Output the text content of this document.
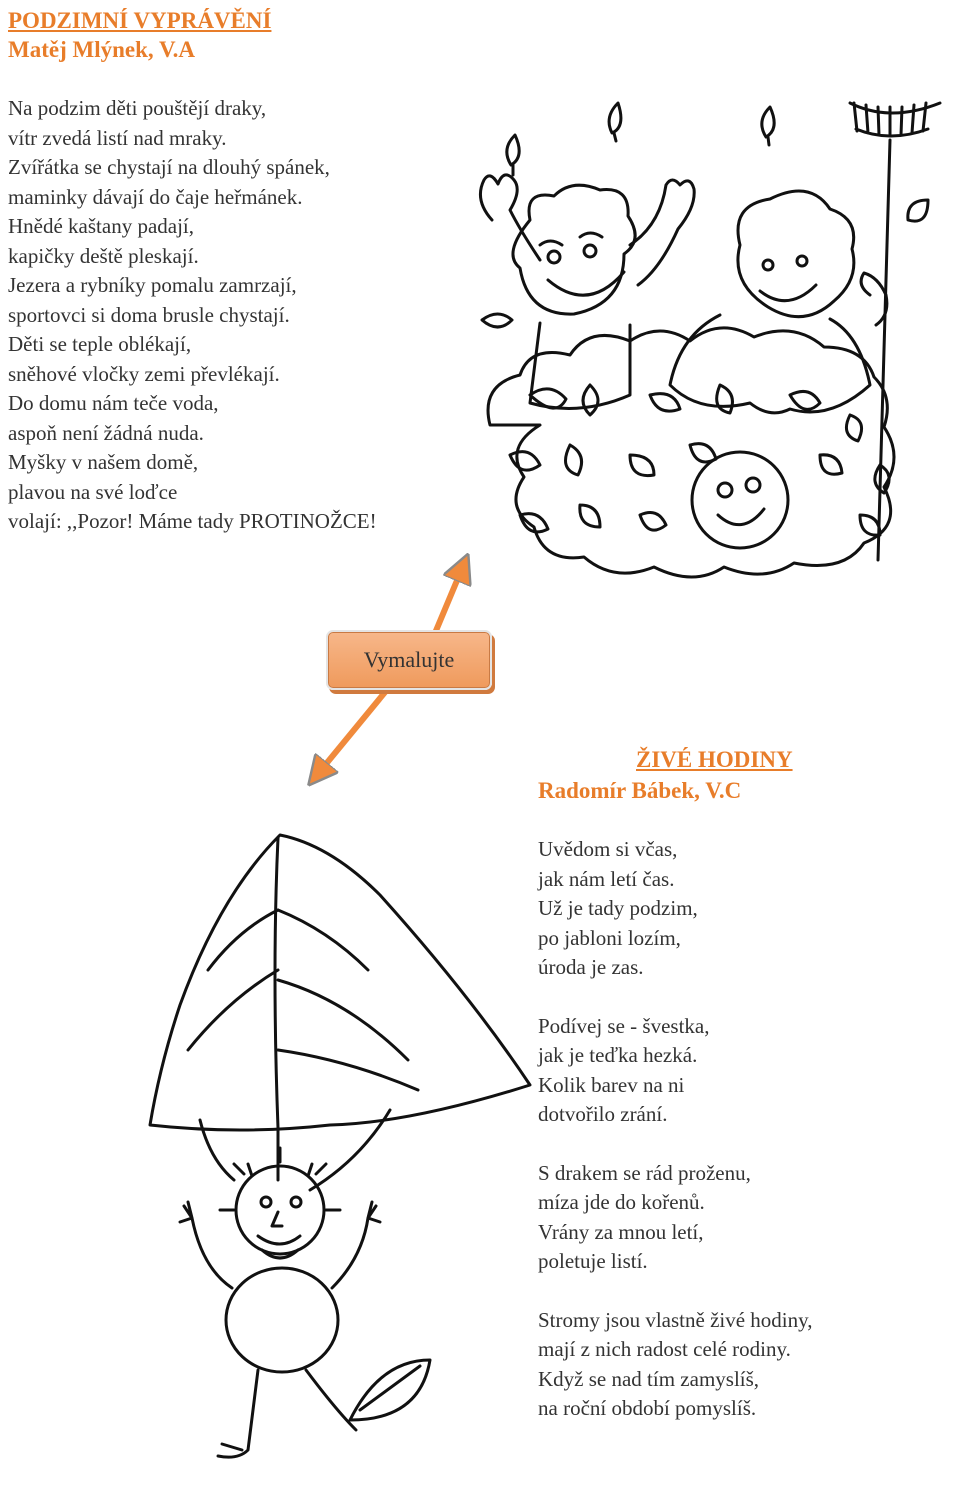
PODZIMNÍ VYPRÁVĚNÍ
Matěj Mlýnek, V.A
Na podzim děti pouštějí draky,
vítr zvedá listí nad mraky.
Zvířátka se chystají na dlouhý spánek,
maminky dávají do čaje heřmánek.
Hnědé kaštany padají,
kapičky deště pleskají.
Jezera a rybníky pomalu zamrzají,
sportovci si doma brusle chystají.
Děti se teple oblékají,
sněhové vločky zemi převlékají.
Do domu nám teče voda,
aspoň není žádná nuda.
Myšky v našem domě,
plavou na své loďce
volají: ,,Pozor! Máme tady PROTINOŽCE!
Vymalujte
ŽIVÉ HODINY
Radomír Bábek, V.C
Uvědom si včas,
jak nám letí čas.
Už je tady podzim,
po jabloni lozím,
úroda je zas.
Podívej se - švestka,
jak je teďka hezká.
Kolik barev na ni
dotvořilo zrání.
S drakem se rád proženu,
míza jde do kořenů.
Vrány za mnou letí,
poletuje listí.
Stromy jsou vlastně živé hodiny,
mají z nich radost celé rodiny.
Když se nad tím zamyslíš,
na roční období pomyslíš.
